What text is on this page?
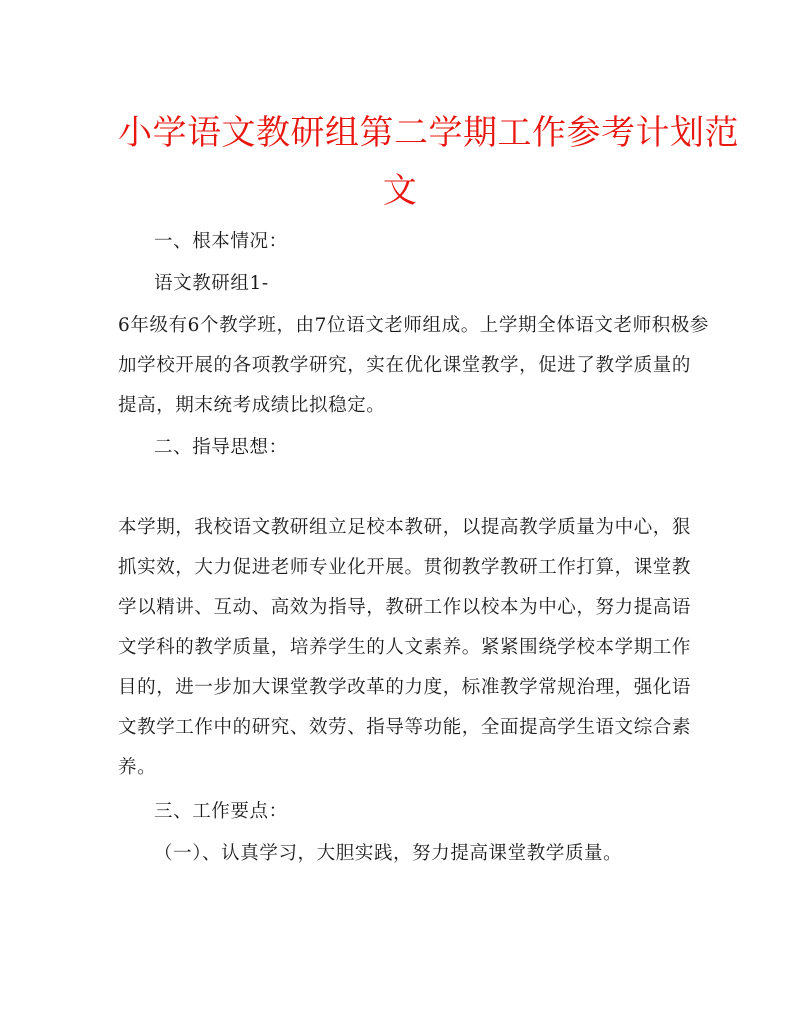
小学语文教研组第二学期工作参考计划范
文
一、根本情况：
语文教研组1-
6年级有6个教学班，由7位语文老师组成。上学期全体语文老师积极参
加学校开展的各项教学研究，实在优化课堂教学，促进了教学质量的
提高，期末统考成绩比拟稳定。
二、指导思想：
本学期，我校语文教研组立足校本教研，以提高教学质量为中心，狠
抓实效，大力促进老师专业化开展。贯彻教学教研工作打算，课堂教
学以精讲、互动、高效为指导，教研工作以校本为中心，努力提高语
文学科的教学质量，培养学生的人文素养。紧紧围绕学校本学期工作
目的，进一步加大课堂教学改革的力度，标准教学常规治理，强化语
文教学工作中的研究、效劳、指导等功能，全面提高学生语文综合素
养。
三、工作要点：
（一）、认真学习，大胆实践，努力提高课堂教学质量。
